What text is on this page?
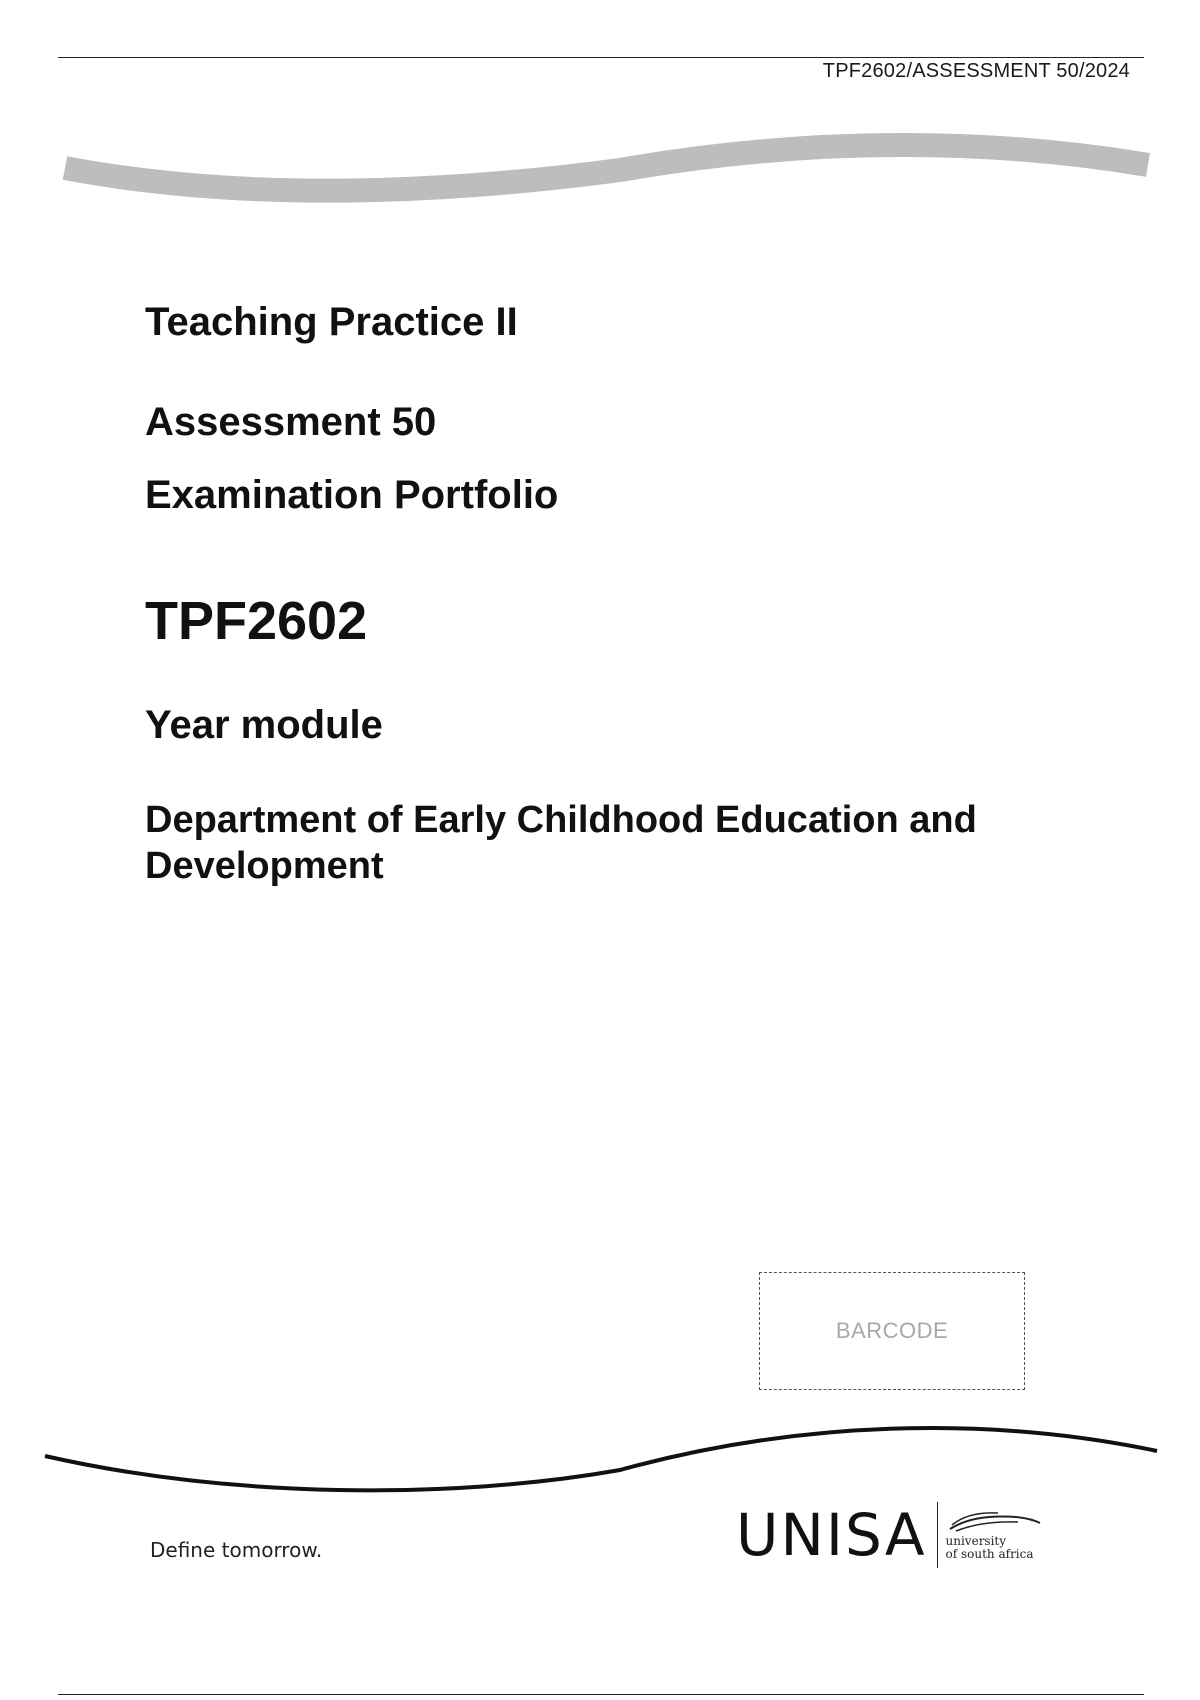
TPF2602/ASSESSMENT 50/2024
Teaching Practice II
Assessment 50
Examination Portfolio
TPF2602
Year module
Department of Early Childhood Education and Development
BARCODE
Define tomorrow.	UNISA university
of south africa
